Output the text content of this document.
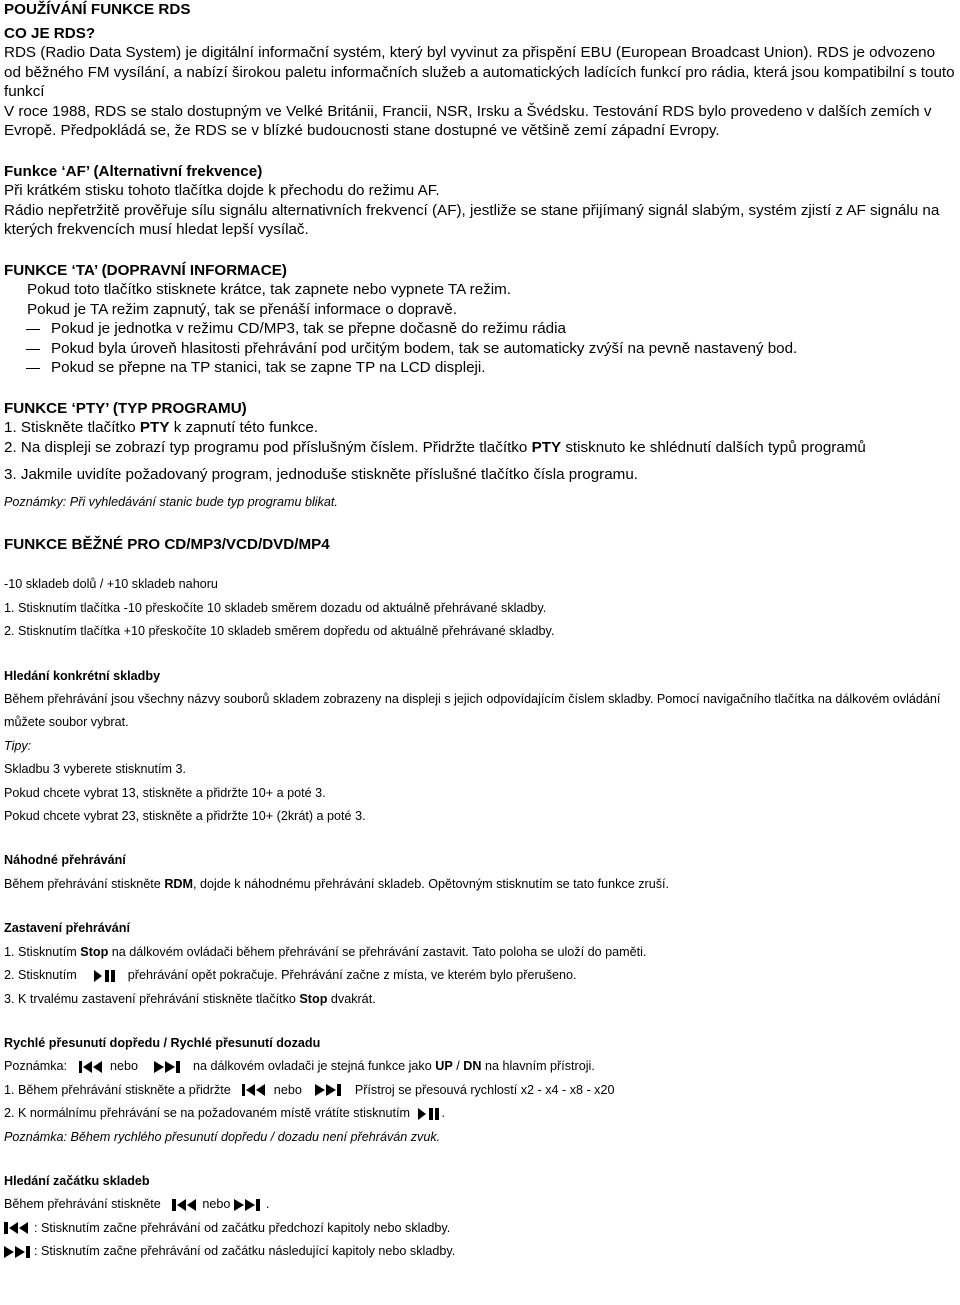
POUŽÍVÁNÍ FUNKCE RDS

CO JE RDS?

RDS (Radio Data System) je digitální informační systém, který byl vyvinut za přispění EBU (European Broadcast Union). RDS je odvozeno od běžného FM vysílání, a nabízí širokou paletu informačních služeb a automatických ladících funkcí pro rádia, která jsou kompatibilní s touto funkcí

V roce 1988, RDS se stalo dostupným ve Velké Británii, Francii, NSR, Irsku a Švédsku. Testování RDS bylo provedeno v dalších zemích v Evropě. Předpokládá se, že RDS se v blízké budoucnosti stane dostupné ve většině zemí západní Evropy.

Funkce ‘AF’ (Alternativní frekvence)

Při krátkém stisku tohoto tlačítka dojde k přechodu do režimu AF.

Rádio nepřetržitě prověřuje sílu signálu alternativních frekvencí (AF), jestliže se stane přijímaný signál slabým, systém zjistí z AF signálu na kterých frekvencích musí hledat lepší vysílač.

FUNKCE ‘TA’ (DOPRAVNÍ INFORMACE)

Pokud toto tlačítko stisknete krátce, tak zapnete nebo vypnete TA režim.

Pokud je TA režim zapnutý, tak se přenáší informace o dopravě.

Pokud je jednotka v režimu CD/MP3, tak se přepne dočasně do režimu rádia

Pokud byla úroveň hlasitosti přehrávání pod určitým bodem, tak se automaticky zvýší na pevně nastavený bod.

Pokud se přepne na TP stanici, tak se zapne TP na LCD displeji.

FUNKCE ‘PTY’ (TYP PROGRAMU)

1. Stiskněte tlačítko PTY k zapnutí této funkce.

2. Na displeji se zobrazí typ programu pod příslušným číslem. Přidržte tlačítko PTY stisknuto ke shlédnutí dalších typů programů

3. Jakmile uvidíte požadovaný program, jednoduše stiskněte příslušné tlačítko čísla programu.

Poznámky: Při vyhledávání stanic bude typ programu blikat.

FUNKCE BĚŽNÉ PRO CD/MP3/VCD/DVD/MP4

-10 skladeb dolů / +10 skladeb nahoru

1. Stisknutím tlačítka -10 přeskočíte 10 skladeb směrem dozadu od aktuálně přehrávané skladby.

2. Stisknutím tlačítka +10 přeskočíte 10 skladeb směrem dopředu od aktuálně přehrávané skladby.

Hledání konkrétní skladby

Během přehrávání jsou všechny názvy souborů skladem zobrazeny na displeji s jejich odpovídajícím číslem skladby. Pomocí navigačního tlačítka na dálkovém ovládání můžete soubor vybrat.

Tipy:

Skladbu 3 vyberete stisknutím 3.

Pokud chcete vybrat 13, stiskněte a přidržte 10+ a poté 3.

Pokud chcete vybrat 23, stiskněte a přidržte 10+ (2krát) a poté 3.

Náhodné přehrávání

Během přehrávání stiskněte RDM, dojde k náhodnému přehrávání skladeb. Opětovným stisknutím se tato funkce zruší.

Zastavení přehrávání

1. Stisknutím Stop na dálkovém ovládači během přehrávání se přehrávání zastavit. Tato poloha se uloží do paměti.

2. Stisknutím	přehrávání opět pokračuje. Přehrávání začne z místa, ve kterém bylo přerušeno.

3. K trvalému zastavení přehrávání stiskněte tlačítko Stop dvakrát.

Rychlé přesunutí dopředu / Rychlé přesunutí dozadu

Poznámka:	nebo	na dálkovém ovladači je stejná funkce jako UP / DN na hlavním přístroji.

1. Během přehrávání stiskněte a přidržte	nebo	Přístroj se přesouvá rychlostí x2 - x4 - x8 - x20

2. K normálnímu přehrávání se na požadovaném místě vrátíte stisknutím
.

Poznámka: Během rychlého přesunutí dopředu / dozadu není přehráván zvuk.

Hledání začátku skladeb

Během přehrávání stiskněte	nebo	.

: Stisknutím začne přehrávání od začátku předchozí kapitoly nebo skladby.

: Stisknutím začne přehrávání od začátku následující kapitoly nebo skladby.
